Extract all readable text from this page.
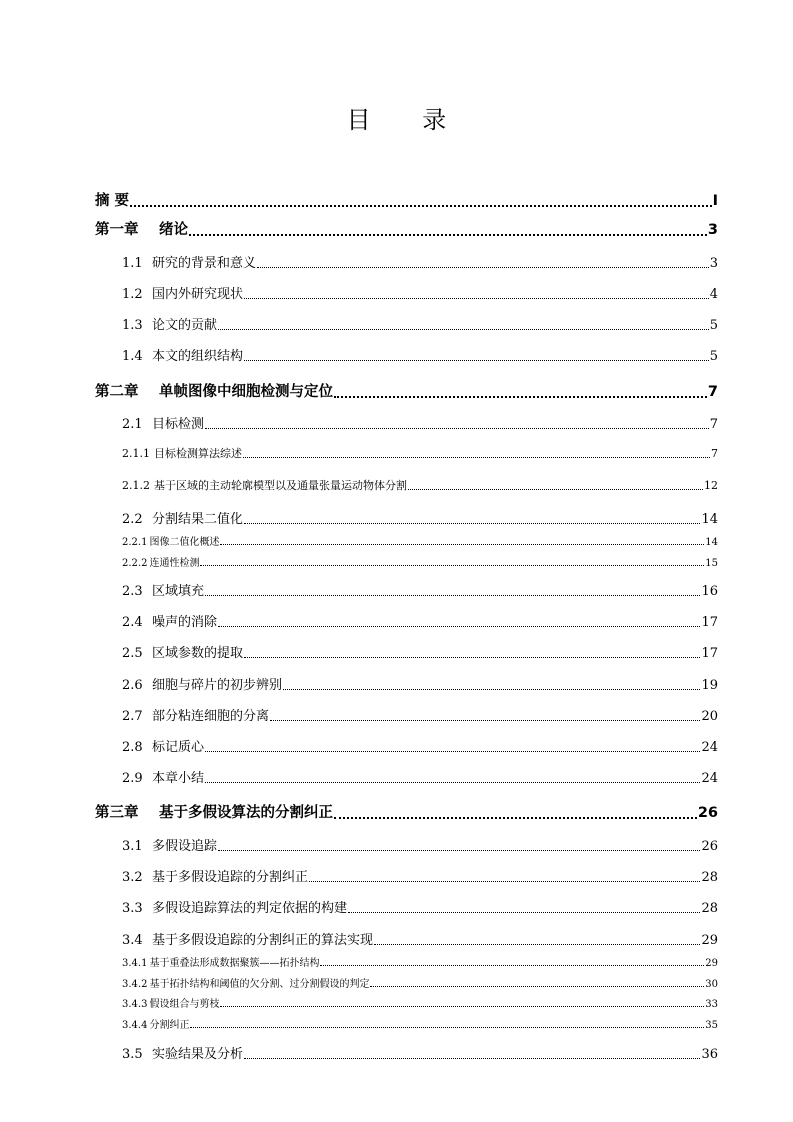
目 录
摘 要	I
第一章	绪论	3
1.1 研究的背景和意义	3
1.2 国内外研究现状	4
1.3 论文的贡献	5
1.4 本文的组织结构	5
第二章	单帧图像中细胞检测与定位	7
2.1 目标检测	7
2.1.1 目标检测算法综述	7
2.1.2 基于区域的主动轮廓模型以及通量张量运动物体分割	12
2.2 分割结果二值化	14
2.2.1 图像二值化概述	14
2.2.2 连通性检测	15
2.3 区域填充	16
2.4 噪声的消除	17
2.5 区域参数的提取	17
2.6 细胞与碎片的初步辨别	19
2.7 部分粘连细胞的分离	20
2.8 标记质心	24
2.9 本章小结	24
第三章	基于多假设算法的分割纠正	26
3.1 多假设追踪	26
3.2 基于多假设追踪的分割纠正	28
3.3 多假设追踪算法的判定依据的构建	28
3.4 基于多假设追踪的分割纠正的算法实现	29
3.4.1 基于重叠法形成数据聚簇——拓扑结构	29
3.4.2 基于拓扑结构和阈值的欠分割、过分割假设的判定	30
3.4.3 假设组合与剪枝	33
3.4.4 分割纠正	35
3.5 实验结果及分析	36
